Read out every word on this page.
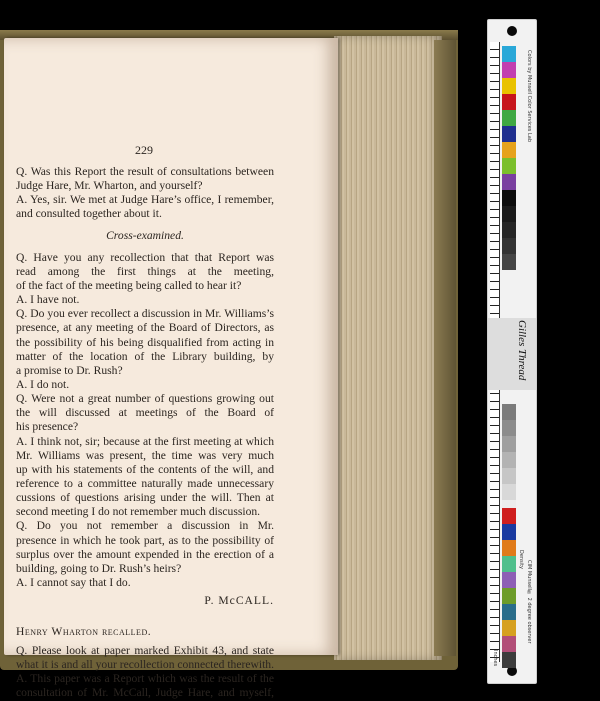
229
Q. Was this Report the result of consultations between
Judge Hare, Mr. Wharton, and yourself?
A. Yes, sir. We met at Judge Hare’s office, I remember,
and consulted together about it.
Cross-examined.
Q. Have you any recollection that that Report was
read among the first things at the meeting,
of the fact of the meeting being called to hear it?
A. I have not.
Q. Do you ever recollect a discussion in Mr. Williams’s
presence, at any meeting of the Board of Directors, as
the possibility of his being disqualified from acting in
matter of the location of the Library building, by
a promise to Dr. Rush?
A. I do not.
Q. Were not a great number of questions growing out
the will discussed at meetings of the Board of
his presence?
A. I think not, sir; because at the first meeting at which
Mr. Williams was present, the time was very much
up with his statements of the contents of the will, and
reference to a committee naturally made unnecessary
cussions of questions arising under the will. Then at
second meeting I do not remember much discussion.
Q. Do you not remember a discussion in Mr.
presence in which he took part, as to the possibility of
surplus over the amount expended in the erection of a
building, going to Dr. Rush’s heirs?
A. I cannot say that I do.
P. McCALL.
Henry Wharton recalled.
Q. Please look at paper marked Exhibit 43, and state
what it is and all your recollection connected therewith.
A. This paper was a Report which was the result of the
consultation of Mr. McCall, Judge Hare, and myself,
Gilles Thread
Colors by Munsell Color Services Lab
CIM Munsell® 2 degree observer
Density
Inches
